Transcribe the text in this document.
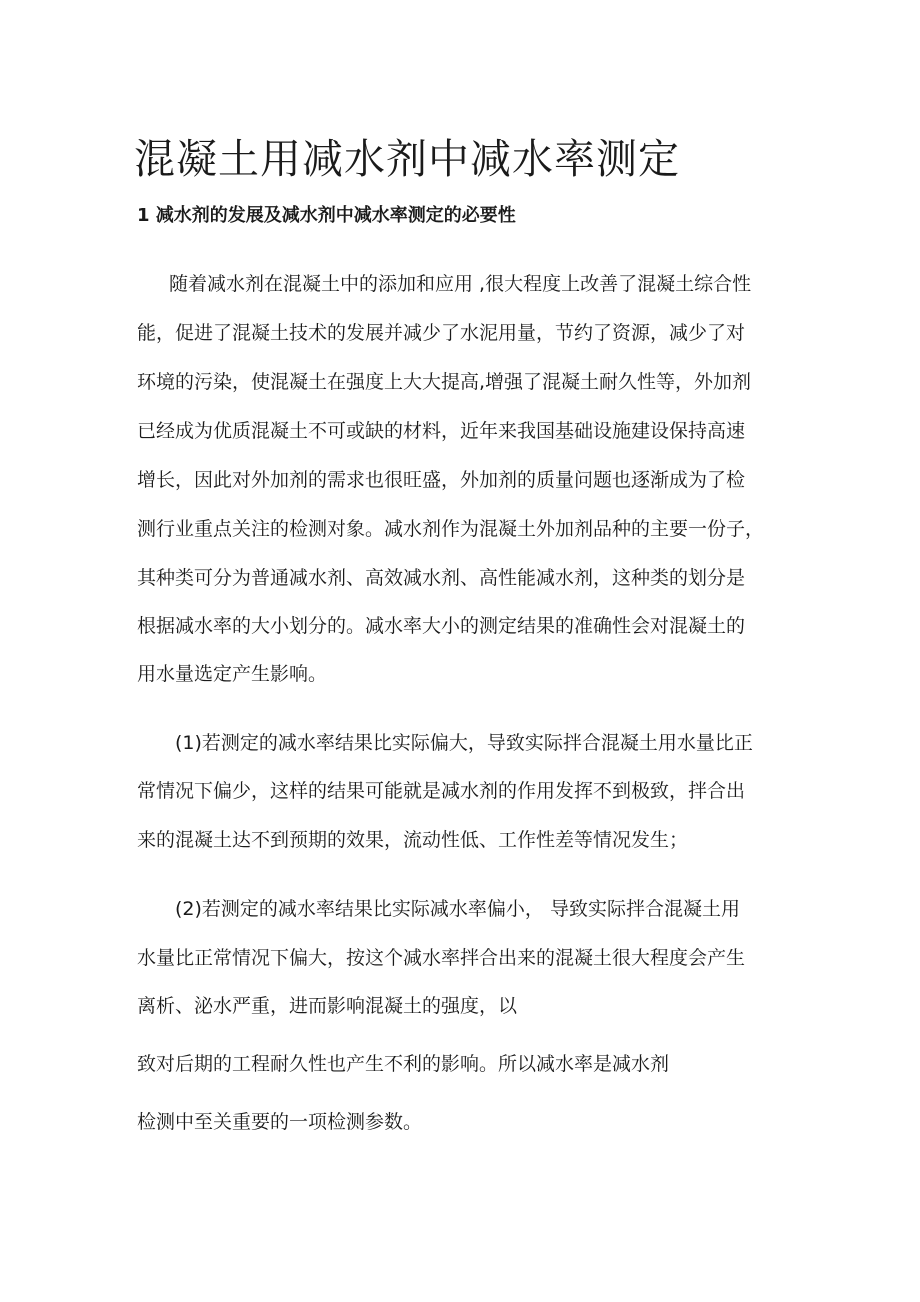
混凝土用减水剂中减水率测定
1 减水剂的发展及减水剂中减水率测定的必要性

随着减水剂在混凝土中的添加和应用 ,很大程度上改善了混凝土综合性

能，促进了混凝土技术的发展并减少了水泥用量，节约了资源，减少了对

环境的污染，使混凝土在强度上大大提高,增强了混凝土耐久性等，外加剂

已经成为优质混凝土不可或缺的材料，近年来我国基础设施建设保持高速

增长，因此对外加剂的需求也很旺盛，外加剂的质量问题也逐渐成为了检

测行业重点关注的检测对象。减水剂作为混凝土外加剂品种的主要一份子，

其种类可分为普通减水剂、高效减水剂、高性能减水剂，这种类的划分是

根据减水率的大小划分的。减水率大小的测定结果的准确性会对混凝土的

用水量选定产生影响。

(1)若测定的减水率结果比实际偏大，导致实际拌合混凝土用水量比正

常情况下偏少，这样的结果可能就是减水剂的作用发挥不到极致，拌合出

来的混凝土达不到预期的效果，流动性低、工作性差等情况发生；

(2)若测定的减水率结果比实际减水率偏小， 导致实际拌合混凝土用

水量比正常情况下偏大，按这个减水率拌合出来的混凝土很大程度会产生

离析、泌水严重，进而影响混凝土的强度，以

致对后期的工程耐久性也产生不利的影响。所以减水率是减水剂

检测中至关重要的一项检测参数。
